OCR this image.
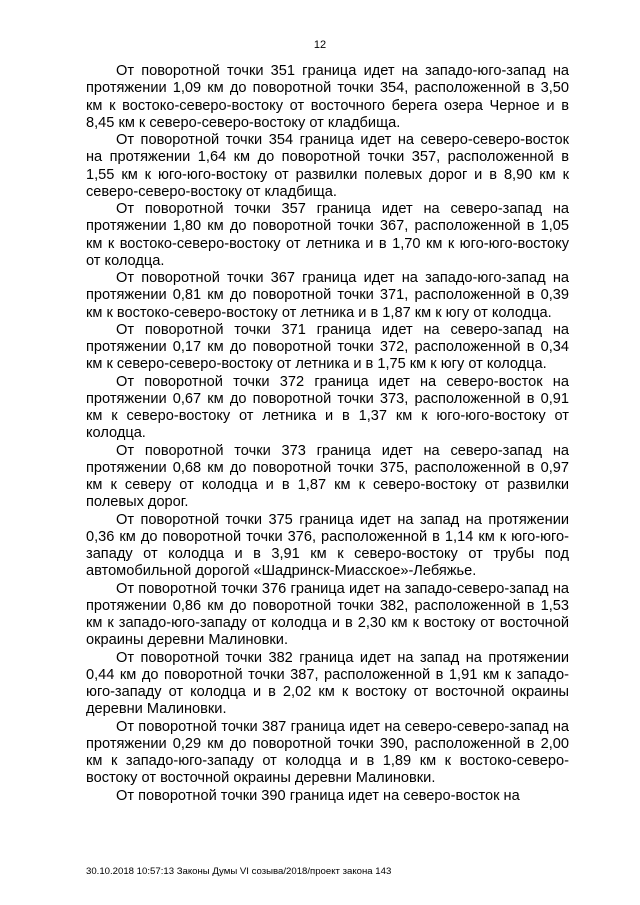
12

От поворотной точки 351 граница идет на западо-юго-запад на протяжении 1,09 км до поворотной точки 354, расположенной в 3,50 км к востоко-северо-востоку от восточного берега озера Черное и в 8,45 км к северо-северо-востоку от кладбища.

От поворотной точки 354 граница идет на северо-северо-восток на протяжении 1,64 км до поворотной точки 357, расположенной в 1,55 км к юго-юго-востоку от развилки полевых дорог и в 8,90 км к северо-северо-востоку от кладбища.

От поворотной точки 357 граница идет на северо-запад на протяжении 1,80 км до поворотной точки 367, расположенной в 1,05 км к востоко-северо-востоку от летника и в 1,70 км к юго-юго-востоку от колодца.

От поворотной точки 367 граница идет на западо-юго-запад на протяжении 0,81 км до поворотной точки 371, расположенной в 0,39 км к востоко-северо-востоку от летника и в 1,87 км к югу от колодца.

От поворотной точки 371 граница идет на северо-запад на протяжении 0,17 км до поворотной точки 372, расположенной в 0,34 км к северо-северо-востоку от летника и в 1,75 км к югу от колодца.

От поворотной точки 372 граница идет на северо-восток на протяжении 0,67 км до поворотной точки 373, расположенной в 0,91 км к северо-востоку от летника и в 1,37 км к юго-юго-востоку от колодца.

От поворотной точки 373 граница идет на северо-запад на протяжении 0,68 км до поворотной точки 375, расположенной в 0,97 км к северу от колодца и в 1,87 км к северо-востоку от развилки полевых дорог.

От поворотной точки 375 граница идет на запад на протяжении 0,36 км до поворотной точки 376, расположенной в 1,14 км к юго-юго-западу от колодца и в 3,91 км к северо-востоку от трубы под автомобильной дорогой «Шадринск-Миасское»-Лебяжье.

От поворотной точки 376 граница идет на западо-северо-запад на протяжении 0,86 км до поворотной точки 382, расположенной в 1,53 км к западо-юго-западу от колодца и в 2,30 км к востоку от восточной окраины деревни Малиновки.

От поворотной точки 382 граница идет на запад на протяжении 0,44 км до поворотной точки 387, расположенной в 1,91 км к западо-юго-западу от колодца и в 2,02 км к востоку от восточной окраины деревни Малиновки.

От поворотной точки 387 граница идет на северо-северо-запад на протяжении 0,29 км до поворотной точки 390, расположенной в 2,00 км к западо-юго-западу от колодца и в 1,89 км к востоко-северо-востоку от восточной окраины деревни Малиновки.

От поворотной точки 390 граница идет на северо-восток на

30.10.2018 10:57:13 Законы Думы VI созыва/2018/проект закона 143
